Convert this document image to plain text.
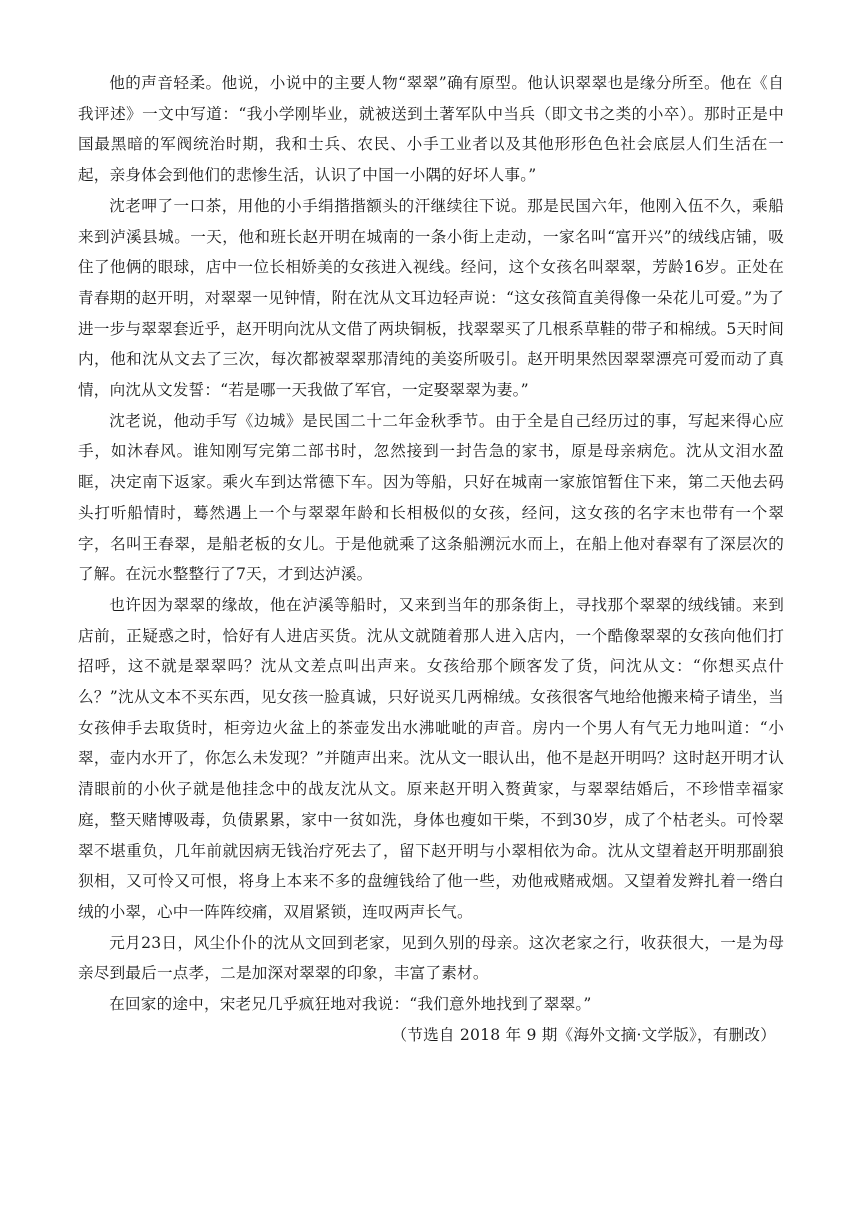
他的声音轻柔。他说，小说中的主要人物“翠翠”确有原型。他认识翠翠也是缘分所至。他在《自我评述》一文中写道：“我小学刚毕业，就被送到土著军队中当兵（即文书之类的小卒）。那时正是中国最黑暗的军阀统治时期，我和士兵、农民、小手工业者以及其他形形色色社会底层人们生活在一起，亲身体会到他们的悲惨生活，认识了中国一小隅的好坏人事。”

沈老呷了一口茶，用他的小手绢揩揩额头的汗继续往下说。那是民国六年，他刚入伍不久，乘船来到泸溪县城。一天，他和班长赵开明在城南的一条小街上走动，一家名叫“富开兴”的绒线店铺，吸住了他俩的眼球，店中一位长相娇美的女孩进入视线。经问，这个女孩名叫翠翠，芳龄16岁。正处在青春期的赵开明，对翠翠一见钟情，附在沈从文耳边轻声说：“这女孩简直美得像一朵花儿可爱。”为了进一步与翠翠套近乎，赵开明向沈从文借了两块铜板，找翠翠买了几根系草鞋的带子和棉绒。5天时间内，他和沈从文去了三次，每次都被翠翠那清纯的美姿所吸引。赵开明果然因翠翠漂亮可爱而动了真情，向沈从文发誓：“若是哪一天我做了军官，一定娶翠翠为妻。”

沈老说，他动手写《边城》是民国二十二年金秋季节。由于全是自己经历过的事，写起来得心应手，如沐春风。谁知刚写完第二部书时，忽然接到一封告急的家书，原是母亲病危。沈从文泪水盈眶，决定南下返家。乘火车到达常德下车。因为等船，只好在城南一家旅馆暂住下来，第二天他去码头打听船情时，蓦然遇上一个与翠翠年龄和长相极似的女孩，经问，这女孩的名字末也带有一个翠字，名叫王春翠，是船老板的女儿。于是他就乘了这条船溯沅水而上，在船上他对春翠有了深层次的了解。在沅水整整行了7天，才到达泸溪。

也许因为翠翠的缘故，他在泸溪等船时，又来到当年的那条街上，寻找那个翠翠的绒线铺。来到店前，正疑惑之时，恰好有人进店买货。沈从文就随着那人进入店内，一个酷像翠翠的女孩向他们打招呼，这不就是翠翠吗？沈从文差点叫出声来。女孩给那个顾客发了货，问沈从文：“你想买点什么？”沈从文本不买东西，见女孩一脸真诚，只好说买几两棉绒。女孩很客气地给他搬来椅子请坐，当女孩伸手去取货时，柜旁边火盆上的茶壶发出水沸呲呲的声音。房内一个男人有气无力地叫道：“小翠，壶内水开了，你怎么未发现？”并随声出来。沈从文一眼认出，他不是赵开明吗？这时赵开明才认清眼前的小伙子就是他挂念中的战友沈从文。原来赵开明入赘黄家，与翠翠结婚后，不珍惜幸福家庭，整天赌博吸毒，负债累累，家中一贫如洗，身体也瘦如干柴，不到30岁，成了个枯老头。可怜翠翠不堪重负，几年前就因病无钱治疗死去了，留下赵开明与小翠相依为命。沈从文望着赵开明那副狼狈相，又可怜又可恨，将身上本来不多的盘缠钱给了他一些，劝他戒赌戒烟。又望着发辫扎着一绺白绒的小翠，心中一阵阵绞痛，双眉紧锁，连叹两声长气。

元月23日，风尘仆仆的沈从文回到老家，见到久别的母亲。这次老家之行，收获很大，一是为母亲尽到最后一点孝，二是加深对翠翠的印象，丰富了素材。

在回家的途中，宋老兄几乎疯狂地对我说：“我们意外地找到了翠翠。”

（节选自 2018 年 9 期《海外文摘·文学版》，有删改）
